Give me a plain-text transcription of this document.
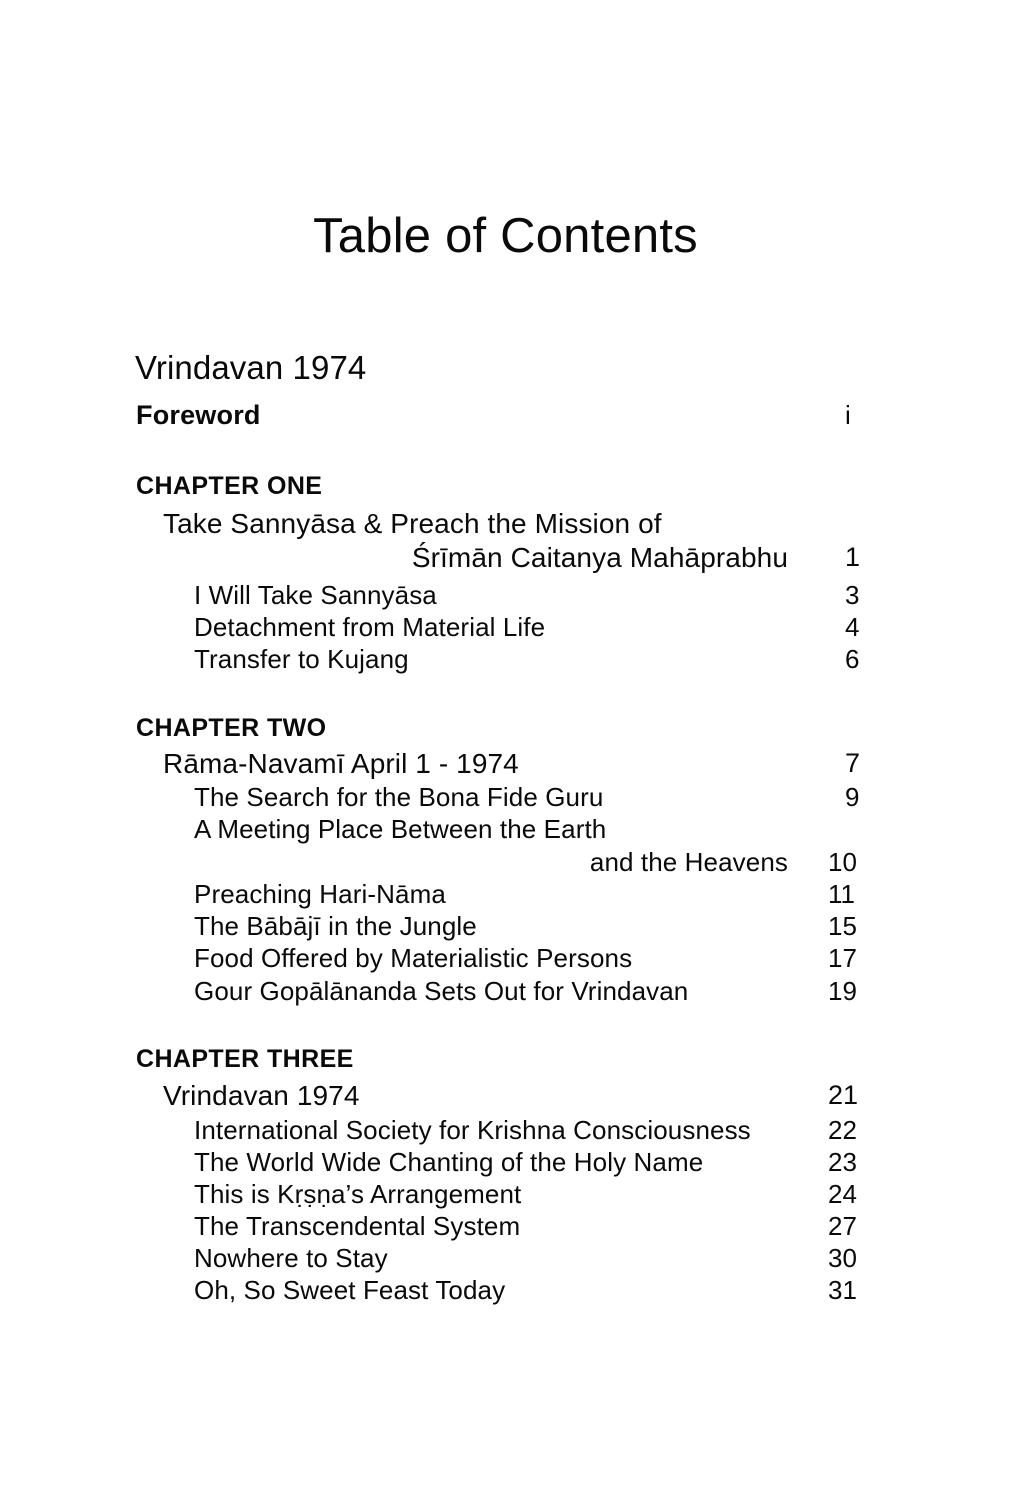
Table of Contents
Vrindavan 1974
Foreword	i
CHAPTER ONE
Take Sannyāsa & Preach the Mission of
Śrīmān Caitanya Mahāprabhu 1
I Will Take Sannyāsa	3
Detachment from Material Life	4
Transfer to Kujang	6
CHAPTER TWO
Rāma-Navamī April 1 - 1974	7
The Search for the Bona Fide Guru	9
A Meeting Place Between the Earth
and the Heavens 10
Preaching Hari-Nāma	11
The Bābājī in the Jungle	15
Food Offered by Materialistic Persons	17
Gour Gopālānanda Sets Out for Vrindavan	19
CHAPTER THREE
Vrindavan 1974	21
International Society for Krishna Consciousness	22
The World Wide Chanting of the Holy Name	23
This is Kṛṣṇa’s Arrangement	24
The Transcendental System	27
Nowhere to Stay	30
Oh, So Sweet Feast Today	31
